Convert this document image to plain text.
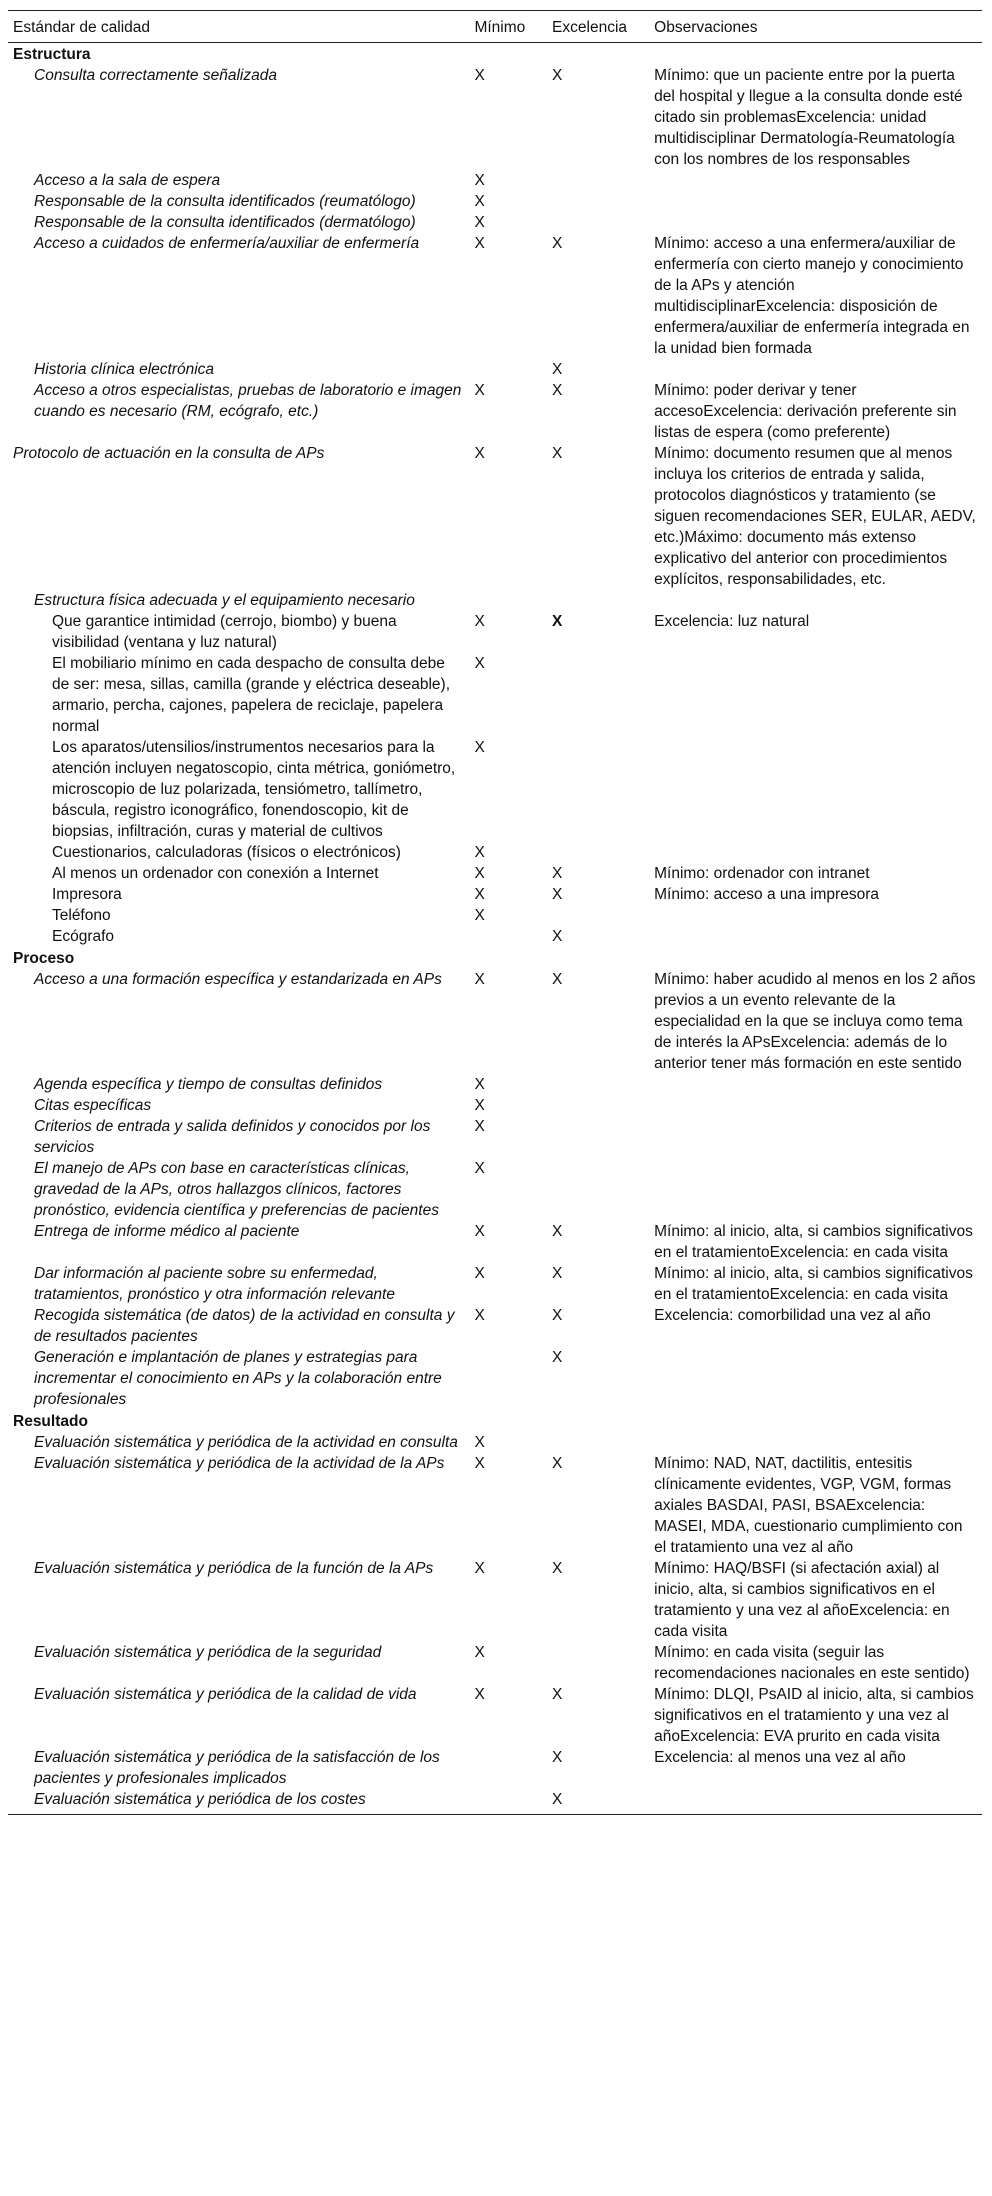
Estándar de calidad	Mínimo	Excelencia	Observaciones
Estructura			
Consulta correctamente señalizada	X	X	Mínimo: que un paciente entre por la puerta del hospital y llegue a la consulta donde esté citado sin problemasExcelencia: unidad multidisciplinar Dermatología-Reumatología con los nombres de los responsables
Acceso a la sala de espera	X		
Responsable de la consulta identificados (reumatólogo)	X		
Responsable de la consulta identificados (dermatólogo)	X		
Acceso a cuidados de enfermería/auxiliar de enfermería	X	X	Mínimo: acceso a una enfermera/auxiliar de enfermería con cierto manejo y conocimiento de la APs y atención multidisciplinarExcelencia: disposición de enfermera/auxiliar de enfermería integrada en la unidad bien formada
Historia clínica electrónica		X	
Acceso a otros especialistas, pruebas de laboratorio e imagen cuando es necesario (RM, ecógrafo, etc.)	X	X	Mínimo: poder derivar y tener accesoExcelencia: derivación preferente sin listas de espera (como preferente)
Protocolo de actuación en la consulta de APs	X	X	Mínimo: documento resumen que al menos incluya los criterios de entrada y salida, protocolos diagnósticos y tratamiento (se siguen recomendaciones SER, EULAR, AEDV, etc.)Máximo: documento más extenso explicativo del anterior con procedimientos explícitos, responsabilidades, etc.
Estructura física adecuada y el equipamiento necesario			
Que garantice intimidad (cerrojo, biombo) y buena visibilidad (ventana y luz natural)	X	X	Excelencia: luz natural
El mobiliario mínimo en cada despacho de consulta debe de ser: mesa, sillas, camilla (grande y eléctrica deseable), armario, percha, cajones, papelera de reciclaje, papelera normal	X		
Los aparatos/utensilios/instrumentos necesarios para la atención incluyen negatoscopio, cinta métrica, goniómetro, microscopio de luz polarizada, tensiómetro, tallímetro, báscula, registro iconográfico, fonendoscopio, kit de biopsias, infiltración, curas y material de cultivos	X		
Cuestionarios, calculadoras (físicos o electrónicos)	X		
Al menos un ordenador con conexión a Internet	X	X	Mínimo: ordenador con intranet
Impresora	X	X	Mínimo: acceso a una impresora
Teléfono	X		
Ecógrafo		X	
Proceso			
Acceso a una formación específica y estandarizada en APs	X	X	Mínimo: haber acudido al menos en los 2 años previos a un evento relevante de la especialidad en la que se incluya como tema de interés la APsExcelencia: además de lo anterior tener más formación en este sentido
Agenda específica y tiempo de consultas definidos	X		
Citas específicas	X		
Criterios de entrada y salida definidos y conocidos por los servicios	X		
El manejo de APs con base en características clínicas, gravedad de la APs, otros hallazgos clínicos, factores pronóstico, evidencia científica y preferencias de pacientes	X		
Entrega de informe médico al paciente	X	X	Mínimo: al inicio, alta, si cambios significativos en el tratamientoExcelencia: en cada visita
Dar información al paciente sobre su enfermedad, tratamientos, pronóstico y otra información relevante	X	X	Mínimo: al inicio, alta, si cambios significativos en el tratamientoExcelencia: en cada visita
Recogida sistemática (de datos) de la actividad en consulta y de resultados pacientes	X	X	Excelencia: comorbilidad una vez al año
Generación e implantación de planes y estrategias para incrementar el conocimiento en APs y la colaboración entre profesionales		X	
Resultado			
Evaluación sistemática y periódica de la actividad en consulta	X		
Evaluación sistemática y periódica de la actividad de la APs	X	X	Mínimo: NAD, NAT, dactilitis, entesitis clínicamente evidentes, VGP, VGM, formas axiales BASDAI, PASI, BSAExcelencia: MASEI, MDA, cuestionario cumplimiento con el tratamiento una vez al año
Evaluación sistemática y periódica de la función de la APs	X	X	Mínimo: HAQ/BSFI (si afectación axial) al inicio, alta, si cambios significativos en el tratamiento y una vez al añoExcelencia: en cada visita
Evaluación sistemática y periódica de la seguridad	X		Mínimo: en cada visita (seguir las recomendaciones nacionales en este sentido)
Evaluación sistemática y periódica de la calidad de vida	X	X	Mínimo: DLQI, PsAID al inicio, alta, si cambios significativos en el tratamiento y una vez al añoExcelencia: EVA prurito en cada visita
Evaluación sistemática y periódica de la satisfacción de los pacientes y profesionales implicados		X	Excelencia: al menos una vez al año
Evaluación sistemática y periódica de los costes		X	
